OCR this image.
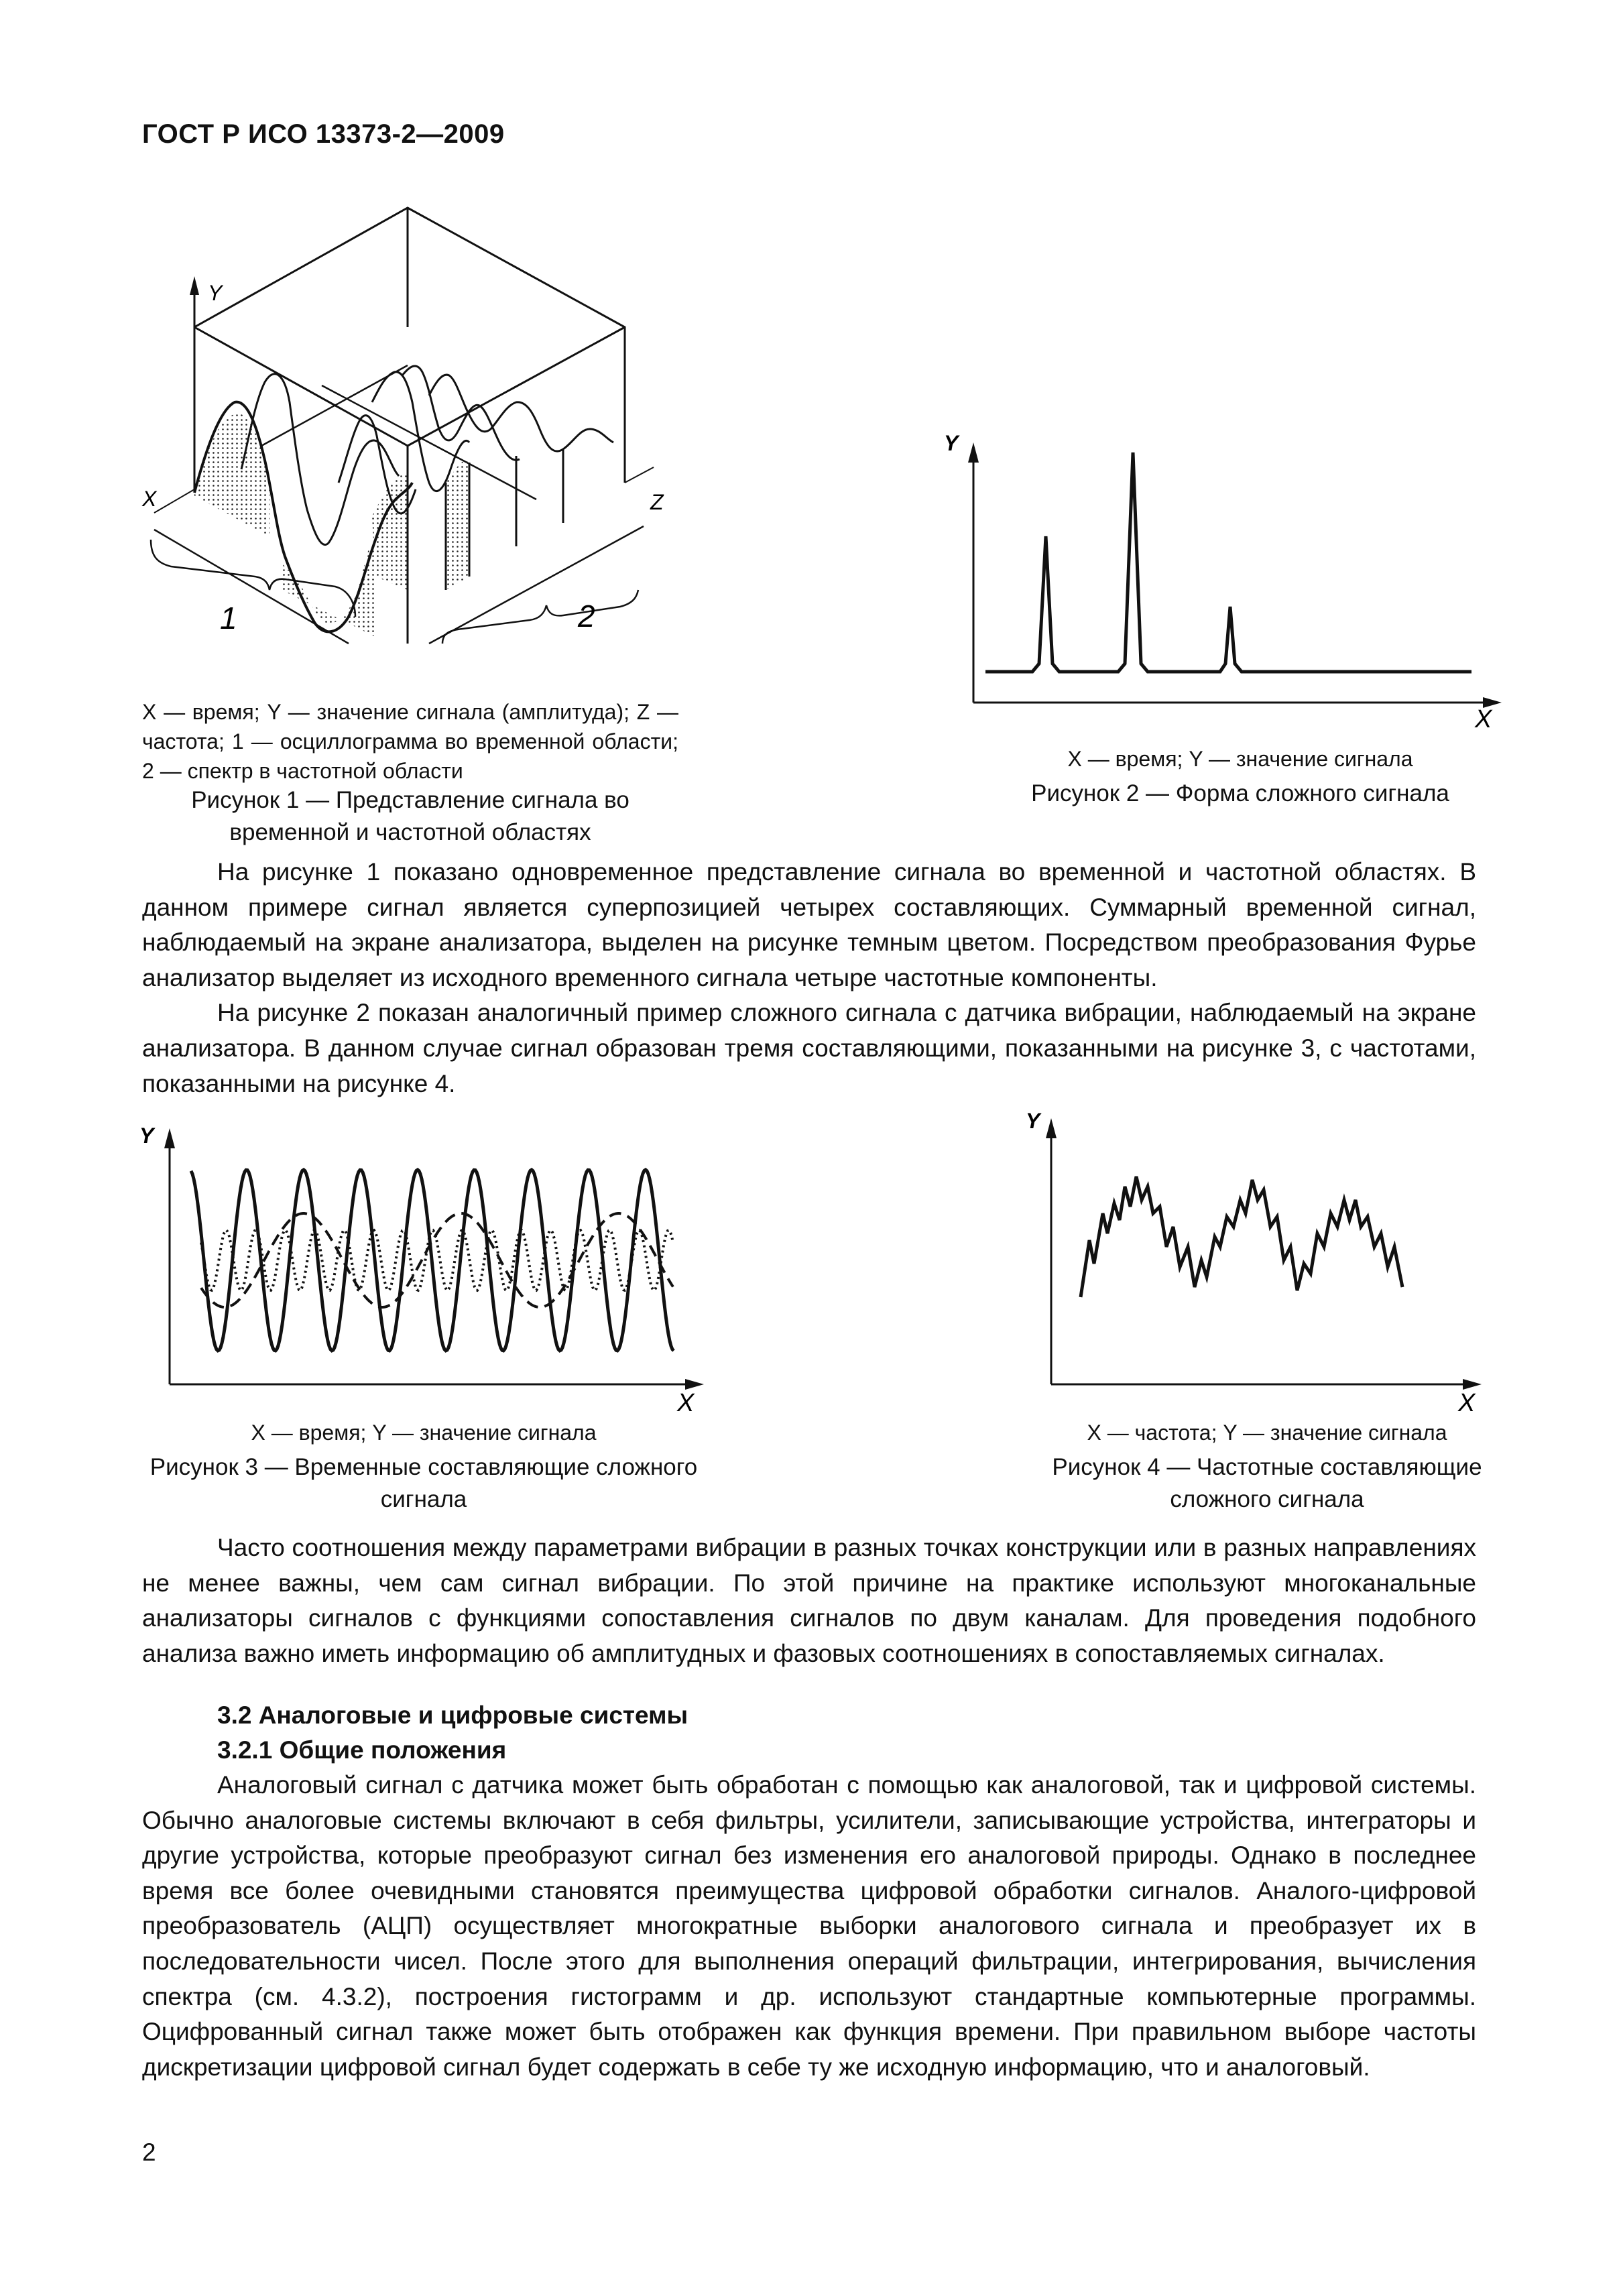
ГОСТ Р ИСО 13373-2—2009
Y
X	Z
1	2
X — время; Y — значение сигнала (амплитуда); Z — частота; 1 — осциллограмма во временной области; 2 — спектр в частотной области
Рисунок 1 — Представление сигнала во временной и частотной областях
Y
X
X — время; Y — значение сигнала
Рисунок 2 — Форма сложного сигнала

На рисунке 1 показано одновременное представление сигнала во временной и частотной областях. В данном примере сигнал является суперпозицией четырех составляющих. Суммарный временной сигнал, наблюдаемый на экране анализатора, выделен на рисунке темным цветом. Посредством преобразования Фурье анализатор выделяет из исходного временного сигнала четыре частотные компоненты.

На рисунке 2 показан аналогичный пример сложного сигнала с датчика вибрации, наблюдаемый на экране анализатора. В данном случае сигнал образован тремя составляющими, показанными на рисунке 3, с частотами, показанными на рисунке 4.

Y
X
X — время; Y — значение сигнала
Рисунок 3 — Временные составляющие сложного сигнала
Y
X
X — частота; Y — значение сигнала
Рисунок 4 — Частотные составляющие сложного сигнала

Часто соотношения между параметрами вибрации в разных точках конструкции или в разных направлениях не менее важны, чем сам сигнал вибрации. По этой причине на практике используют многоканальные анализаторы сигналов с функциями сопоставления сигналов по двум каналам. Для проведения подобного анализа важно иметь информацию об амплитудных и фазовых соотношениях в сопоставляемых сигналах.

3.2 Аналоговые и цифровые системы
3.2.1 Общие положения

Аналоговый сигнал с датчика может быть обработан с помощью как аналоговой, так и цифровой системы. Обычно аналоговые системы включают в себя фильтры, усилители, записывающие устройства, интеграторы и другие устройства, которые преобразуют сигнал без изменения его аналоговой природы. Однако в последнее время все более очевидными становятся преимущества цифровой обработки сигналов. Аналого-цифровой преобразователь (АЦП) осуществляет многократные выборки аналогового сигнала и преобразует их в последовательности чисел. После этого для выполнения операций фильтрации, интегрирования, вычисления спектра (см. 4.3.2), построения гистограмм и др. используют стандартные компьютерные программы. Оцифрованный сигнал также может быть отображен как функция времени. При правильном выборе частоты дискретизации цифровой сигнал будет содержать в себе ту же исходную информацию, что и аналоговый.

2
